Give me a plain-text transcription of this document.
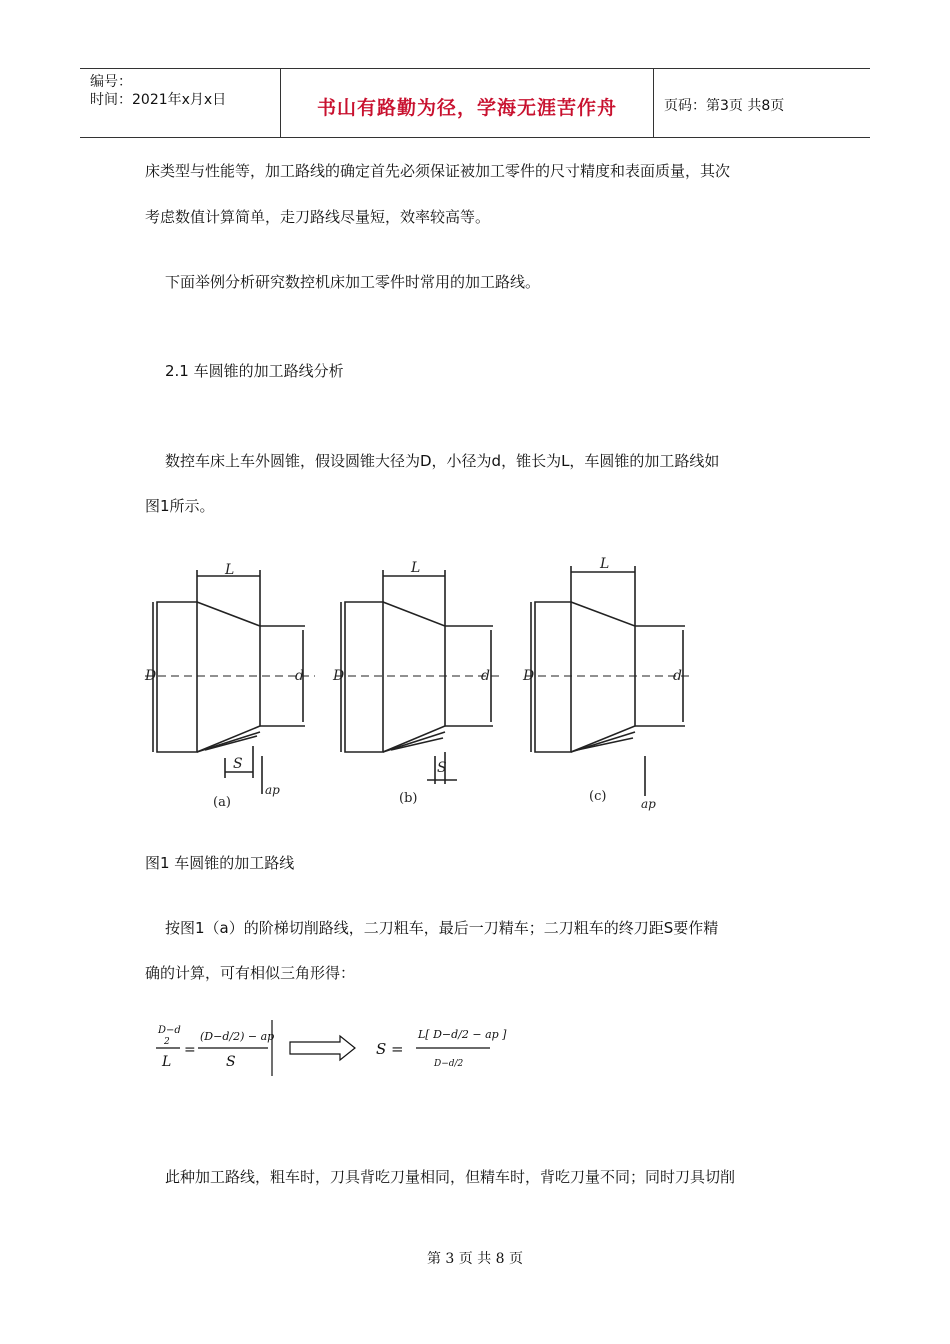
编号：
时间：2021年x月x日	书山有路勤为径，学海无涯苦作舟	页码：第3页 共8页
床类型与性能等，加工路线的确定首先必须保证被加工零件的尺寸精度和表面质量，其次
考虑数值计算简单，走刀路线尽量短，效率较高等。
下面举例分析研究数控机床加工零件时常用的加工路线。
2.1 车圆锥的加工路线分析
数控车床上车外圆锥，假设圆锥大径为D，小径为d，锥长为L，车圆锥的加工路线如
图1所示。
L	L	L
D	D	D
d	d	d
S	S
ap
ap
(a)	(b)	(c)
图1 车圆锥的加工路线
按图1（a）的阶梯切削路线，二刀粗车，最后一刀精车；二刀粗车的终刀距S要作精
确的计算，可有相似三角形得：
D−d
2
L
=
(D−d/2) − ap
S
S =
L[ D−d/2 − ap ]
D−d/2
此种加工路线，粗车时，刀具背吃刀量相同，但精车时，背吃刀量不同；同时刀具切削
第 3 页 共 8 页
